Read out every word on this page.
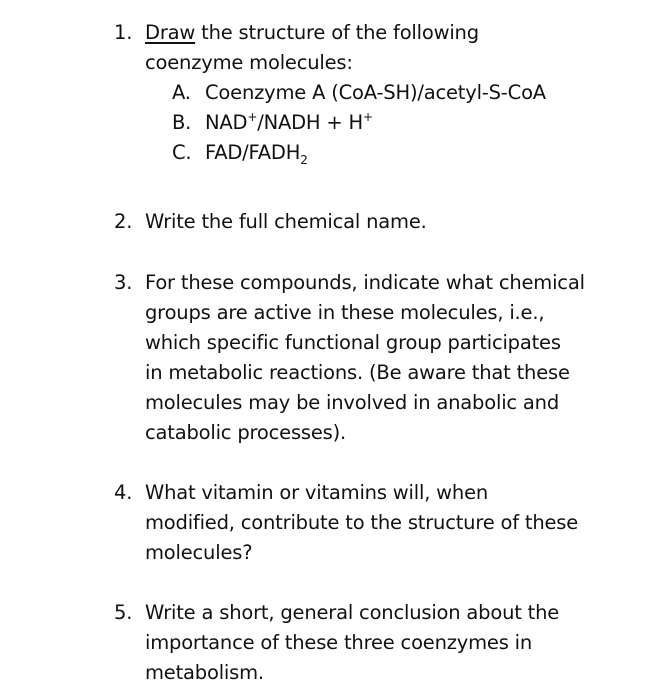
1. Draw the structure of the following
coenzyme molecules:
A. Coenzyme A (CoA-SH)/acetyl-S-CoA
B. NAD+/NADH + H+
C. FAD/$FADH_2$
2. Write the full chemical name.
3. For these compounds, indicate what chemical
groups are active in these molecules, i.e.,
which specific functional group participates
in metabolic reactions. (Be aware that these
molecules may be involved in anabolic and
catabolic processes).
4. What vitamin or vitamins will, when
modified, contribute to the structure of these
molecules?
5. Write a short, general conclusion about the
importance of these three coenzymes in
metabolism.
